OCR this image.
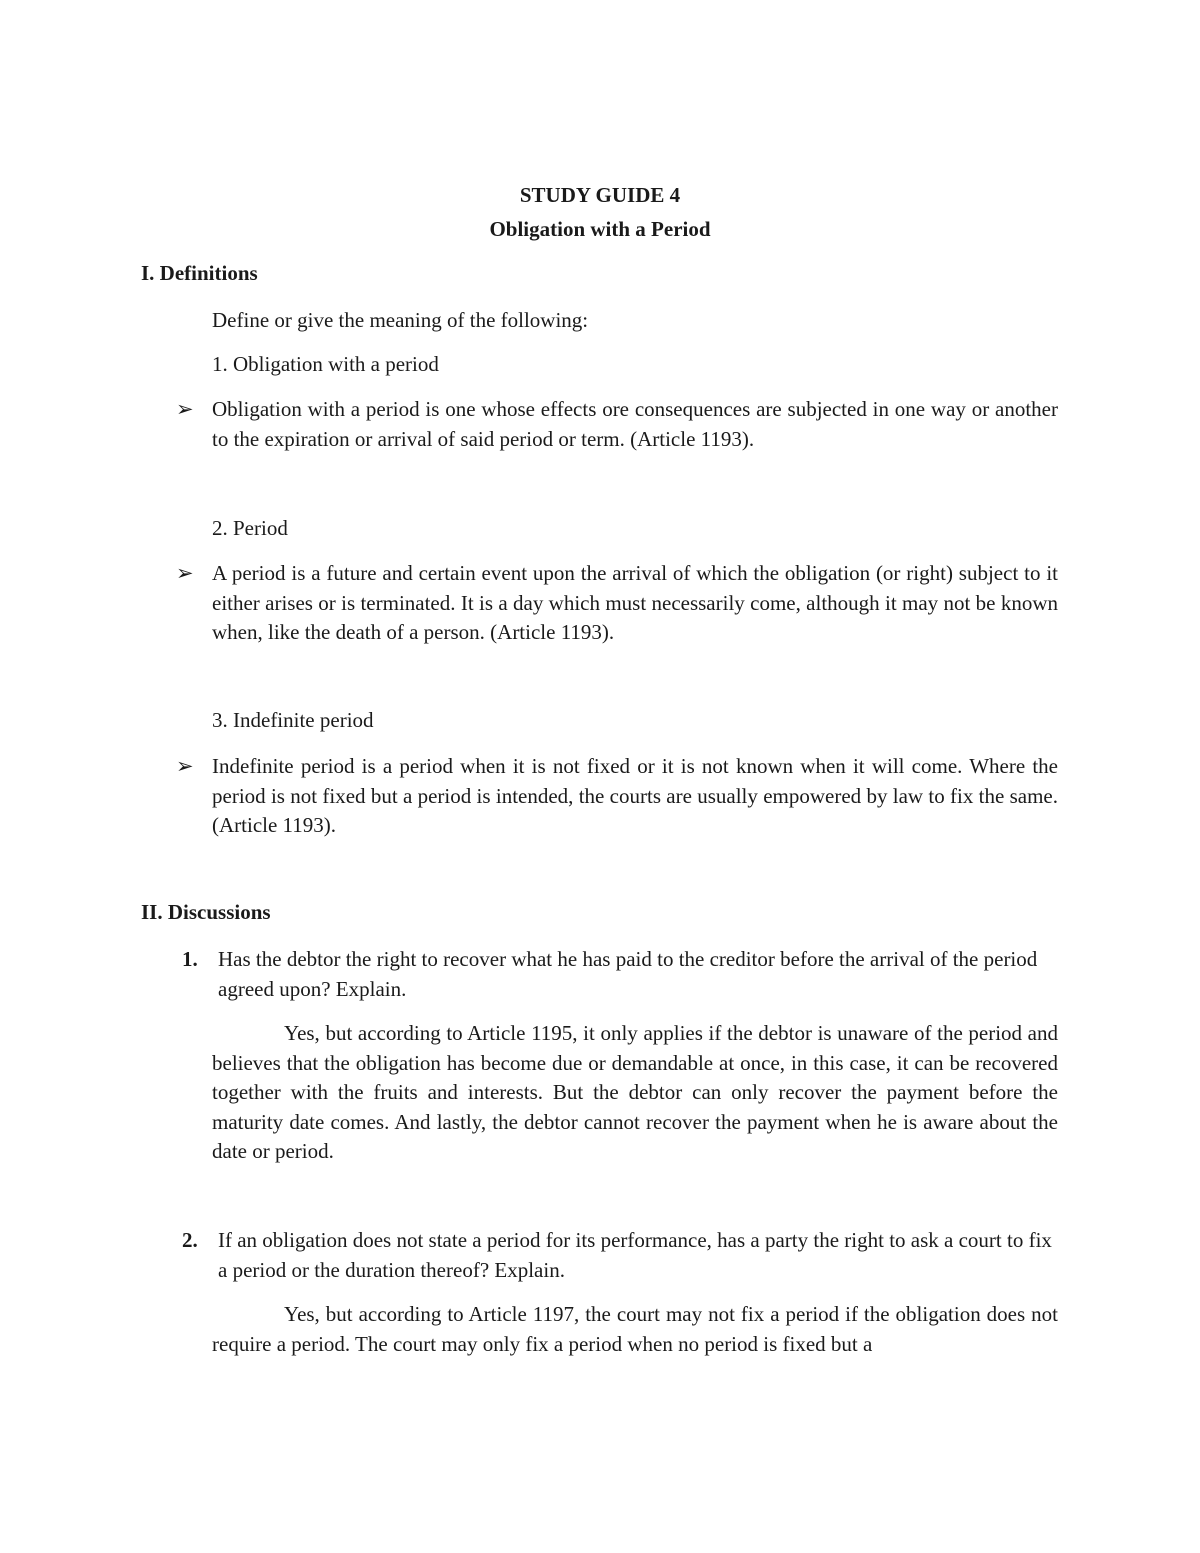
STUDY GUIDE 4
Obligation with a Period
I. Definitions
Define or give the meaning of the following:
1. Obligation with a period
➢ Obligation with a period is one whose effects ore consequences are subjected in one way or another to the expiration or arrival of said period or term. (Article 1193).
2. Period
➢ A period is a future and certain event upon the arrival of which the obligation (or right) subject to it either arises or is terminated. It is a day which must necessarily come, although it may not be known when, like the death of a person. (Article 1193).
3. Indefinite period
➢ Indefinite period is a period when it is not fixed or it is not known when it will come. Where the period is not fixed but a period is intended, the courts are usually empowered by law to fix the same. (Article 1193).
II. Discussions
1. Has the debtor the right to recover what he has paid to the creditor before the arrival of the period agreed upon? Explain.
Yes, but according to Article 1195, it only applies if the debtor is unaware of the period and believes that the obligation has become due or demandable at once, in this case, it can be recovered together with the fruits and interests. But the debtor can only recover the payment before the maturity date comes. And lastly, the debtor cannot recover the payment when he is aware about the date or period.
2. If an obligation does not state a period for its performance, has a party the right to ask a court to fix a period or the duration thereof? Explain.
Yes, but according to Article 1197, the court may not fix a period if the obligation does not require a period. The court may only fix a period when no period is fixed but a
